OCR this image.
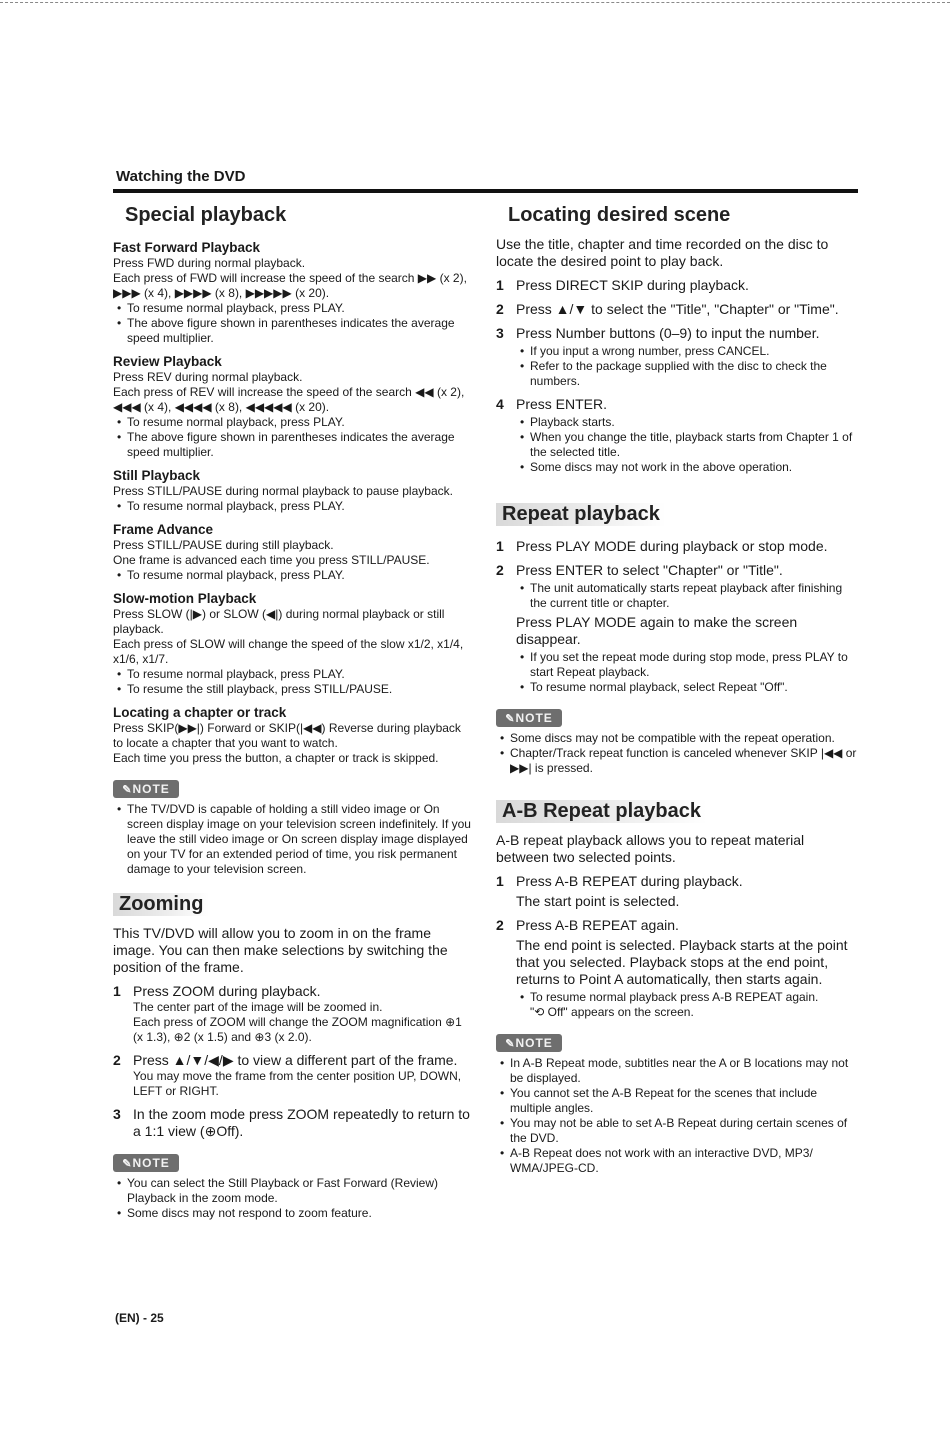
Watching the DVD
Special playback
Fast Forward Playback

Press FWD during normal playback.

Each press of FWD will increase the speed of the search ▶▶ (x 2), ▶▶▶ (x 4), ▶▶▶▶ (x 8), ▶▶▶▶▶ (x 20).

• To resume normal playback, press PLAY.
• The above figure shown in parentheses indicates the average speed multiplier.
Review Playback

Press REV during normal playback.

Each press of REV will increase the speed of the search ◀◀ (x 2), ◀◀◀ (x 4), ◀◀◀◀ (x 8), ◀◀◀◀◀ (x 20).

• To resume normal playback, press PLAY.
• The above figure shown in parentheses indicates the average speed multiplier.
Still Playback

Press STILL/PAUSE during normal playback to pause playback.

• To resume normal playback, press PLAY.
Frame Advance

Press STILL/PAUSE during still playback.

One frame is advanced each time you press STILL/PAUSE.

• To resume normal playback, press PLAY.
Slow-motion Playback

Press SLOW (|▶) or SLOW (◀|) during normal playback or still playback.

Each press of SLOW will change the speed of the slow x1/2, x1/4, x1/6, x1/7.

• To resume normal playback, press PLAY.
• To resume the still playback, press STILL/PAUSE.
Locating a chapter or track

Press SKIP(▶▶|) Forward or SKIP(|◀◀) Reverse during playback to locate a chapter that you want to watch.

Each time you press the button, a chapter or track is skipped.

✎ NOTE
• The TV/DVD is capable of holding a still video image or On screen display image on your television screen indefinitely. If you leave the still video image or On screen display image displayed on your TV for an extended period of time, you risk permanent damage to your television screen.
Zooming

This TV/DVD will allow you to zoom in on the frame image. You can then make selections by switching the position of the frame.

1 Press ZOOM during playback.

The center part of the image will be zoomed in.

Each press of ZOOM will change the ZOOM magnification ⊕1 (x 1.3), ⊕2 (x 1.5) and ⊕3 (x 2.0).

2 Press ▲/▼/◀/▶ to view a different part of the frame.

You may move the frame from the center position UP, DOWN, LEFT or RIGHT.

3 In the zoom mode press ZOOM repeatedly to return to a 1:1 view (⊕Off).
✎ NOTE
• You can select the Still Playback or Fast Forward (Review) Playback in the zoom mode.
• Some discs may not respond to zoom feature.
Locating desired scene

Use the title, chapter and time recorded on the disc to locate the desired point to play back.

1 Press DIRECT SKIP during playback.
2 Press ▲/▼ to select the "Title", "Chapter" or "Time".
3 Press Number buttons (0–9) to input the number.
• If you input a wrong number, press CANCEL.
• Refer to the package supplied with the disc to check the numbers.
4 Press ENTER.
• Playback starts.
• When you change the title, playback starts from Chapter 1 of the selected title.
• Some discs may not work in the above operation.
Repeat playback
1 Press PLAY MODE during playback or stop mode.
2 Press ENTER to select "Chapter" or "Title".
• The unit automatically starts repeat playback after finishing the current title or chapter.
Press PLAY MODE again to make the screen disappear.
• If you set the repeat mode during stop mode, press PLAY to start Repeat playback.
• To resume normal playback, select Repeat "Off".
✎ NOTE
• Some discs may not be compatible with the repeat operation.
• Chapter/Track repeat function is canceled whenever SKIP |◀◀ or ▶▶| is pressed.
A-B Repeat playback

A-B repeat playback allows you to repeat material between two selected points.

1 Press A-B REPEAT during playback.
The start point is selected.
2 Press A-B REPEAT again.
The end point is selected. Playback starts at the point that you selected. Playback stops at the end point, returns to Point A automatically, then starts again.
• To resume normal playback press A-B REPEAT again.

"⟲ Off" appears on the screen.

✎ NOTE
• In A-B Repeat mode, subtitles near the A or B locations may not be displayed.
• You cannot set the A-B Repeat for the scenes that include multiple angles.
• You may not be able to set A-B Repeat during certain scenes of the DVD.
• A-B Repeat does not work with an interactive DVD, MP3/ WMA/JPEG-CD.
(EN) - 25
